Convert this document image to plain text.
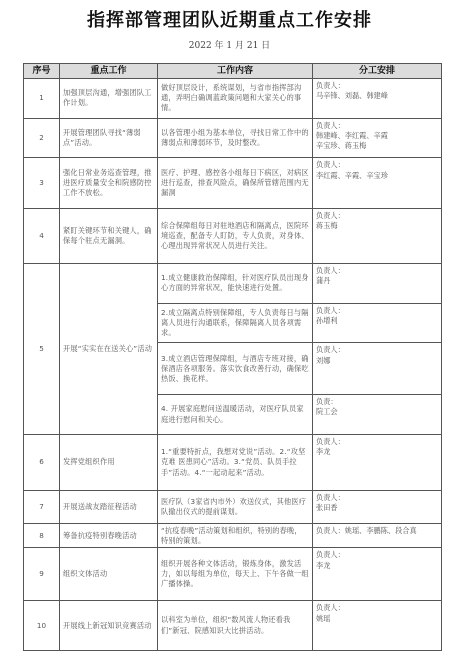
指挥部管理团队近期重点工作安排
2022 年 1 月 21 日
序号	重点工作	工作内容	分工安排
1	加强顶层沟通，增强团队工作计划。	做好顶层设计，系统谋划，与省市指挥部沟通，弄明白确调蓝政策问题和大家关心的事情。	负责人：
马辛锋、刘磊、韩建峰
2	开展管理团队寻找“薄弱点”活动。	以各管理小组为基本单位，寻找日常工作中的薄弱点和薄弱环节，及时整改。	负责人：
韩建峰、李红霞、辛霞
辛宝珍、蒋玉梅
3	强化日常业务巡查管理，推进医疗质量安全和院感防控工作不放松。	医疗、护理、感控各小组每日下病区，对病区进行巡查，排查风险点，确保所管辖范围内无漏洞	负责人：
李红霞、辛霞、辛宝珍
4	紧盯关键环节和关键人，确保每个驻点无漏洞。	综合保障组每日对驻地酒店和隔离点，医院环境巡查，配备专人盯防，专人负责，对身体、心理出现异常状况人员进行关注。	负责人：
蒋玉梅
5	开展“实实在在送关心”活动	1.成立健康救治保障组，针对医疗队员出现身心方面的异常状况，能快速进行处置。	负责人：
蒲丹
		2.成立隔离点特别保障组，专人负责每日与隔离人员进行沟通联系，保障隔离人员各项需求。	负责人：
孙增利
		3.成立酒店管理保障组，与酒店专班对接，确保酒店各项服务。落实饮食改善行动，确保吃热饭、换花样。	负责人：
刘娜
		4. 开展家庭慰问送温暖活动，对医疗队员家庭进行慰问和关心。	负责：
院工会
6	发挥党组织作用	1.“重要特折点，我想对党说”活动。2.“攻坚克难 医患同心”活动。3.“党员、队员手拉手”活动。4.“一起动起来”活动。	负责人：
李龙
7	开展送战友踏征程活动	医疗队（3家省内市外）欢送仪式，其他医疗队撤出仪式的提前谋划。	负责人：
张田香
8	筹备抗疫特别春晚活动	“抗疫春晚”活动策划和组织，特别的春晚，特别的策划。	负责人：姚瑶、李鹏陈、段合真
9	组织文体活动	组织开展各种文体活动，锻炼身体，激发活力，如以每组为单位，每天上、下午各做一组广播体操。	负责人：
李龙
10	开展线上新冠知识竞赛活动	以科室为单位，组织“数风流人物还看我们”新冠、院感知识大比拼活动。	负责人：
姚瑶
